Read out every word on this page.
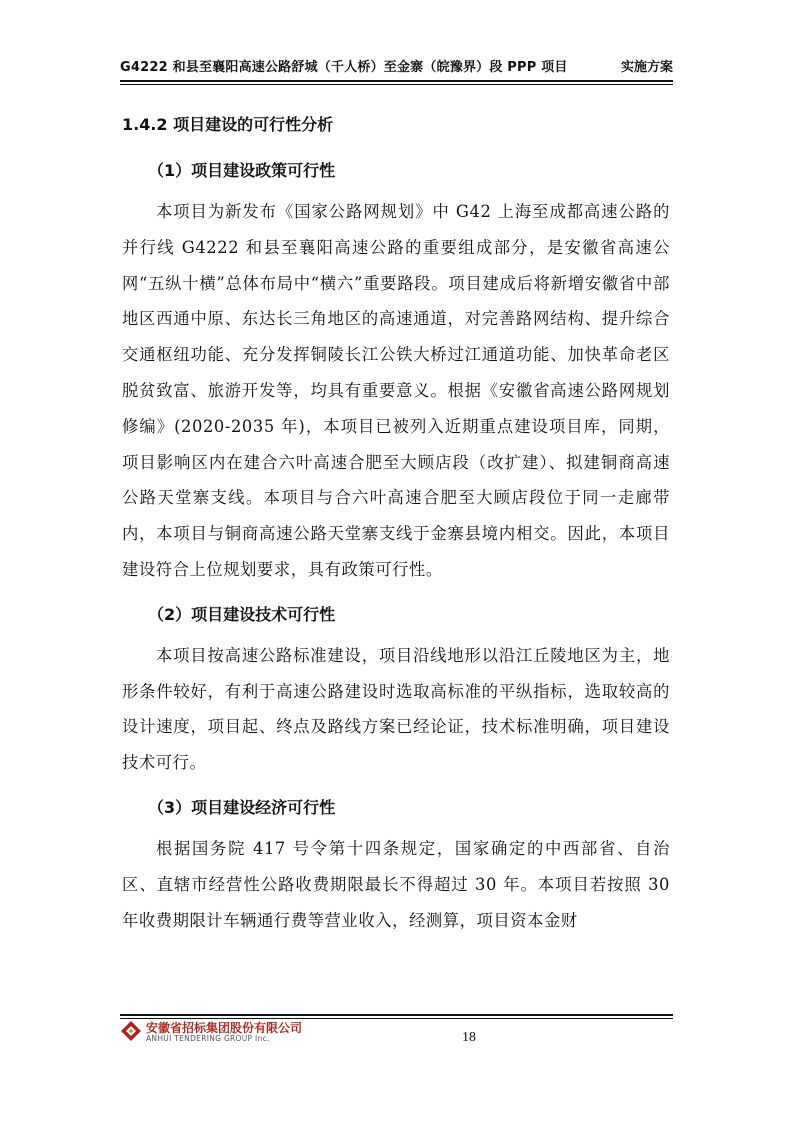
G4222 和县至襄阳高速公路舒城（千人桥）至金寨（皖豫界）段 PPP 项目	实施方案
1.4.2 项目建设的可行性分析
（1）项目建设政策可行性

本项目为新发布《国家公路网规划》中 G42 上海至成都高速公路的并行线 G4222 和县至襄阳高速公路的重要组成部分，是安徽省高速公网“五纵十横”总体布局中“横六”重要路段。项目建成后将新增安徽省中部地区西通中原、东达长三角地区的高速通道，对完善路网结构、提升综合交通枢纽功能、充分发挥铜陵长江公铁大桥过江通道功能、加快革命老区脱贫致富、旅游开发等，均具有重要意义。根据《安徽省高速公路网规划修编》(2020-2035 年)，本项目已被列入近期重点建设项目库，同期，项目影响区内在建合六叶高速合肥至大顾店段（改扩建）、拟建铜商高速公路天堂寨支线。本项目与合六叶高速合肥至大顾店段位于同一走廊带内，本项目与铜商高速公路天堂寨支线于金寨县境内相交。因此，本项目建设符合上位规划要求，具有政策可行性。

（2）项目建设技术可行性

本项目按高速公路标准建设，项目沿线地形以沿江丘陵地区为主，地形条件较好，有利于高速公路建设时选取高标准的平纵指标，选取较高的设计速度，项目起、终点及路线方案已经论证，技术标准明确，项目建设技术可行。

（3）项目建设经济可行性

根据国务院 417 号令第十四条规定，国家确定的中西部省、自治区、直辖市经营性公路收费期限最长不得超过 30 年。本项目若按照 30 年收费期限计车辆通行费等营业收入，经测算，项目资本金财

安徽省招标集团股份有限公司
ANHUI TENDERING GROUP Inc.	18
